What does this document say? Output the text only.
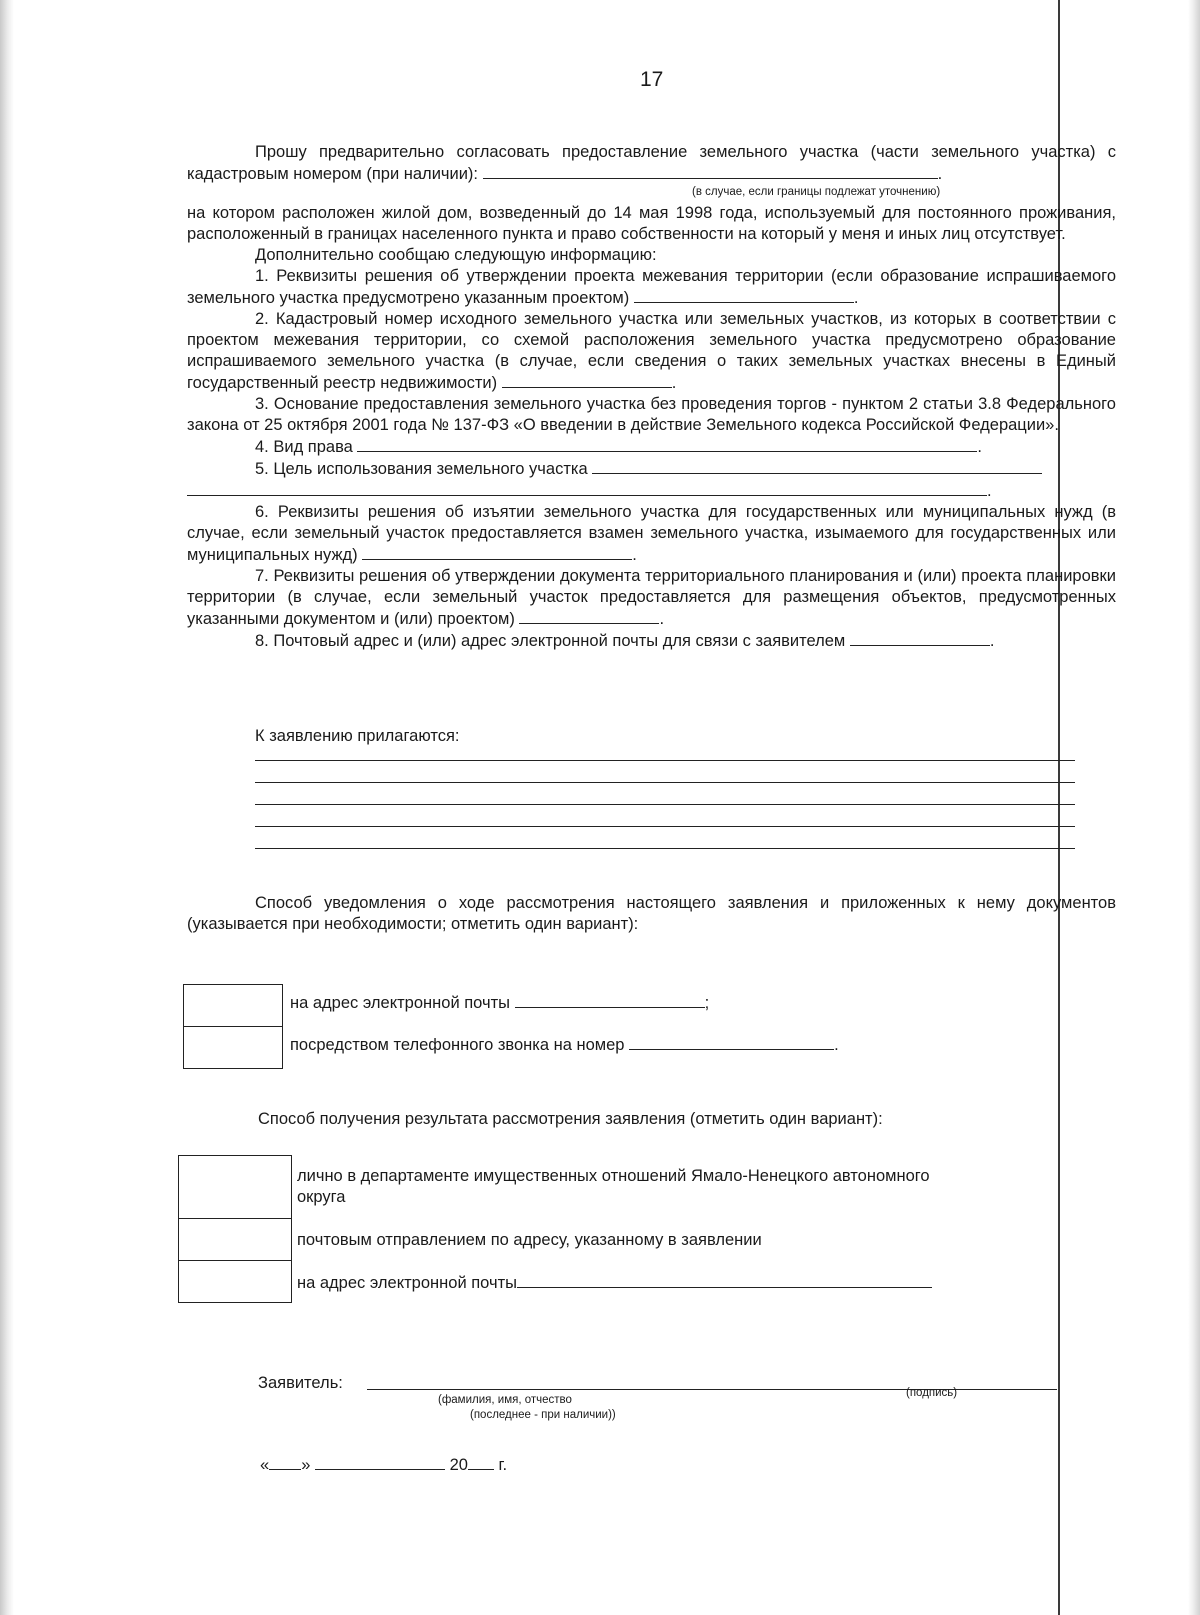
17

Прошу предварительно согласовать предоставление земельного участка (части земельного участка) с кадастровым номером (при наличии):	.

(в случае, если границы подлежат уточнению)

на котором расположен жилой дом, возведенный до 14 мая 1998 года, используемый для постоянного проживания, расположенный в границах населенного пункта и право собственности на который у меня и иных лиц отсутствует.

Дополнительно сообщаю следующую информацию:

1. Реквизиты решения об утверждении проекта межевания территории (если образование испрашиваемого земельного участка предусмотрено указанным проектом)	.

2. Кадастровый номер исходного земельного участка или земельных участков, из которых в соответствии с проектом межевания территории, со схемой расположения земельного участка предусмотрено образование испрашиваемого земельного участка (в случае, если сведения о таких земельных участках внесены в Единый государственный реестр недвижимости)	.

3. Основание предоставления земельного участка без проведения торгов - пунктом 2 статьи 3.8 Федерального закона от 25 октября 2001 года № 137-ФЗ «О введении в действие Земельного кодекса Российской Федерации».

4. Вид права	.

5. Цель использования земельного участка

.

6. Реквизиты решения об изъятии земельного участка для государственных или муниципальных нужд (в случае, если земельный участок предоставляется взамен земельного участка, изымаемого для государственных или муниципальных нужд)	.

7. Реквизиты решения об утверждении документа территориального планирования и (или) проекта планировки территории (в случае, если земельный участок предоставляется для размещения объектов, предусмотренных указанными документом и (или) проектом)	.

8. Почтовый адрес и (или) адрес электронной почты для связи с заявителем	.

К заявлению прилагаются:

Способ уведомления о ходе рассмотрения настоящего заявления и приложенных к нему документов (указывается при необходимости; отметить один вариант):

на адрес электронной почты	;
посредством телефонного звонка на номер	.
Способ получения результата рассмотрения заявления (отметить один вариант):
лично в департаменте имущественных отношений Ямало-Ненецкого автономного округа
почтовым отправлением по адресу, указанному в заявлении
на адрес электронной почты
Заявитель:
(фамилия, имя, отчество
(последнее - при наличии))
(подпись)
« »	20 г.
